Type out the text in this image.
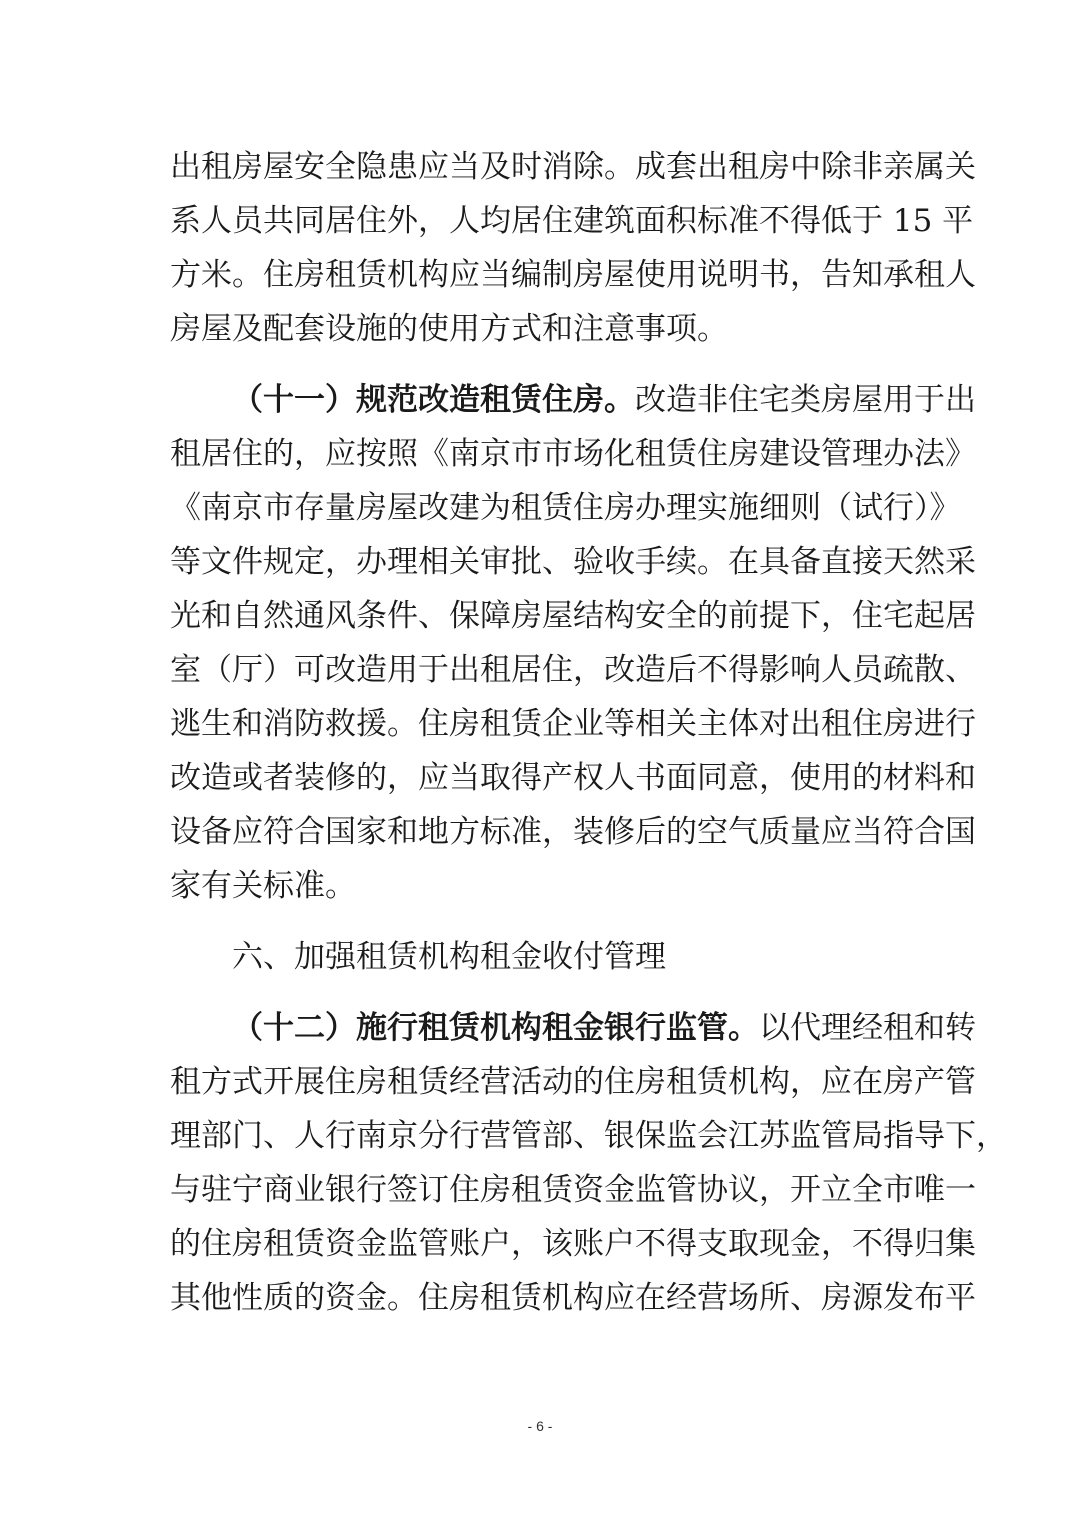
出租房屋安全隐患应当及时消除。成套出租房中除非亲属关
系人员共同居住外，人均居住建筑面积标准不得低于 15 平
方米。住房租赁机构应当编制房屋使用说明书，告知承租人
房屋及配套设施的使用方式和注意事项。
（十一）规范改造租赁住房。改造非住宅类房屋用于出
租居住的，应按照《南京市市场化租赁住房建设管理办法》
《南京市存量房屋改建为租赁住房办理实施细则（试行）》
等文件规定，办理相关审批、验收手续。在具备直接天然采
光和自然通风条件、保障房屋结构安全的前提下，住宅起居
室（厅）可改造用于出租居住，改造后不得影响人员疏散、
逃生和消防救援。住房租赁企业等相关主体对出租住房进行
改造或者装修的，应当取得产权人书面同意，使用的材料和
设备应符合国家和地方标准，装修后的空气质量应当符合国
家有关标准。
六、加强租赁机构租金收付管理
（十二）施行租赁机构租金银行监管。以代理经租和转
租方式开展住房租赁经营活动的住房租赁机构，应在房产管
理部门、人行南京分行营管部、银保监会江苏监管局指导下，
与驻宁商业银行签订住房租赁资金监管协议，开立全市唯一
的住房租赁资金监管账户，该账户不得支取现金，不得归集
其他性质的资金。住房租赁机构应在经营场所、房源发布平
- 6 -
